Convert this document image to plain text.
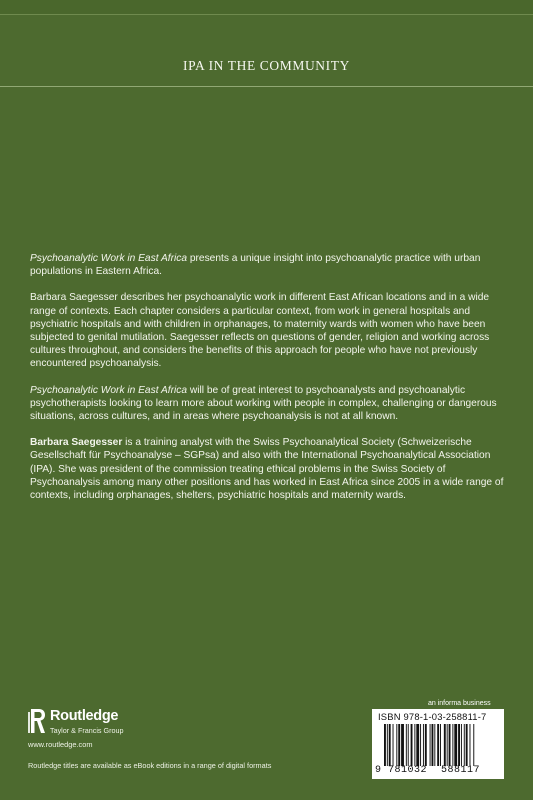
IPA IN THE COMMUNITY

Psychoanalytic Work in East Africa presents a unique insight into psychoanalytic practice with urban populations in Eastern Africa.

Barbara Saegesser describes her psychoanalytic work in different East African locations and in a wide range of contexts. Each chapter considers a particular context, from work in general hospitals and psychiatric hospitals and with children in orphanages, to maternity wards with women who have been subjected to genital mutilation. Saegesser reflects on questions of gender, religion and working across cultures throughout, and considers the benefits of this approach for people who have not previously encountered psychoanalysis.

Psychoanalytic Work in East Africa will be of great interest to psychoanalysts and psychoanalytic psychotherapists looking to learn more about working with people in complex, challenging or dangerous situations, across cultures, and in areas where psychoanalysis is not at all known.

Barbara Saegesser is a training analyst with the Swiss Psychoanalytical Society (Schweizerische Gesellschaft für Psychoanalyse – SGPsa) and also with the International Psychoanalytical Association (IPA). She was president of the commission treating ethical problems in the Swiss Society of Psychoanalysis among many other positions and has worked in East Africa since 2005 in a wide range of contexts, including orphanages, shelters, psychiatric hospitals and maternity wards.

Routledge
Taylor & Francis Group
www.routledge.com
Routledge titles are available as eBook editions in a range of digital formats
an informa business
ISBN 978-1-03-258811-7
9 781032 588117
